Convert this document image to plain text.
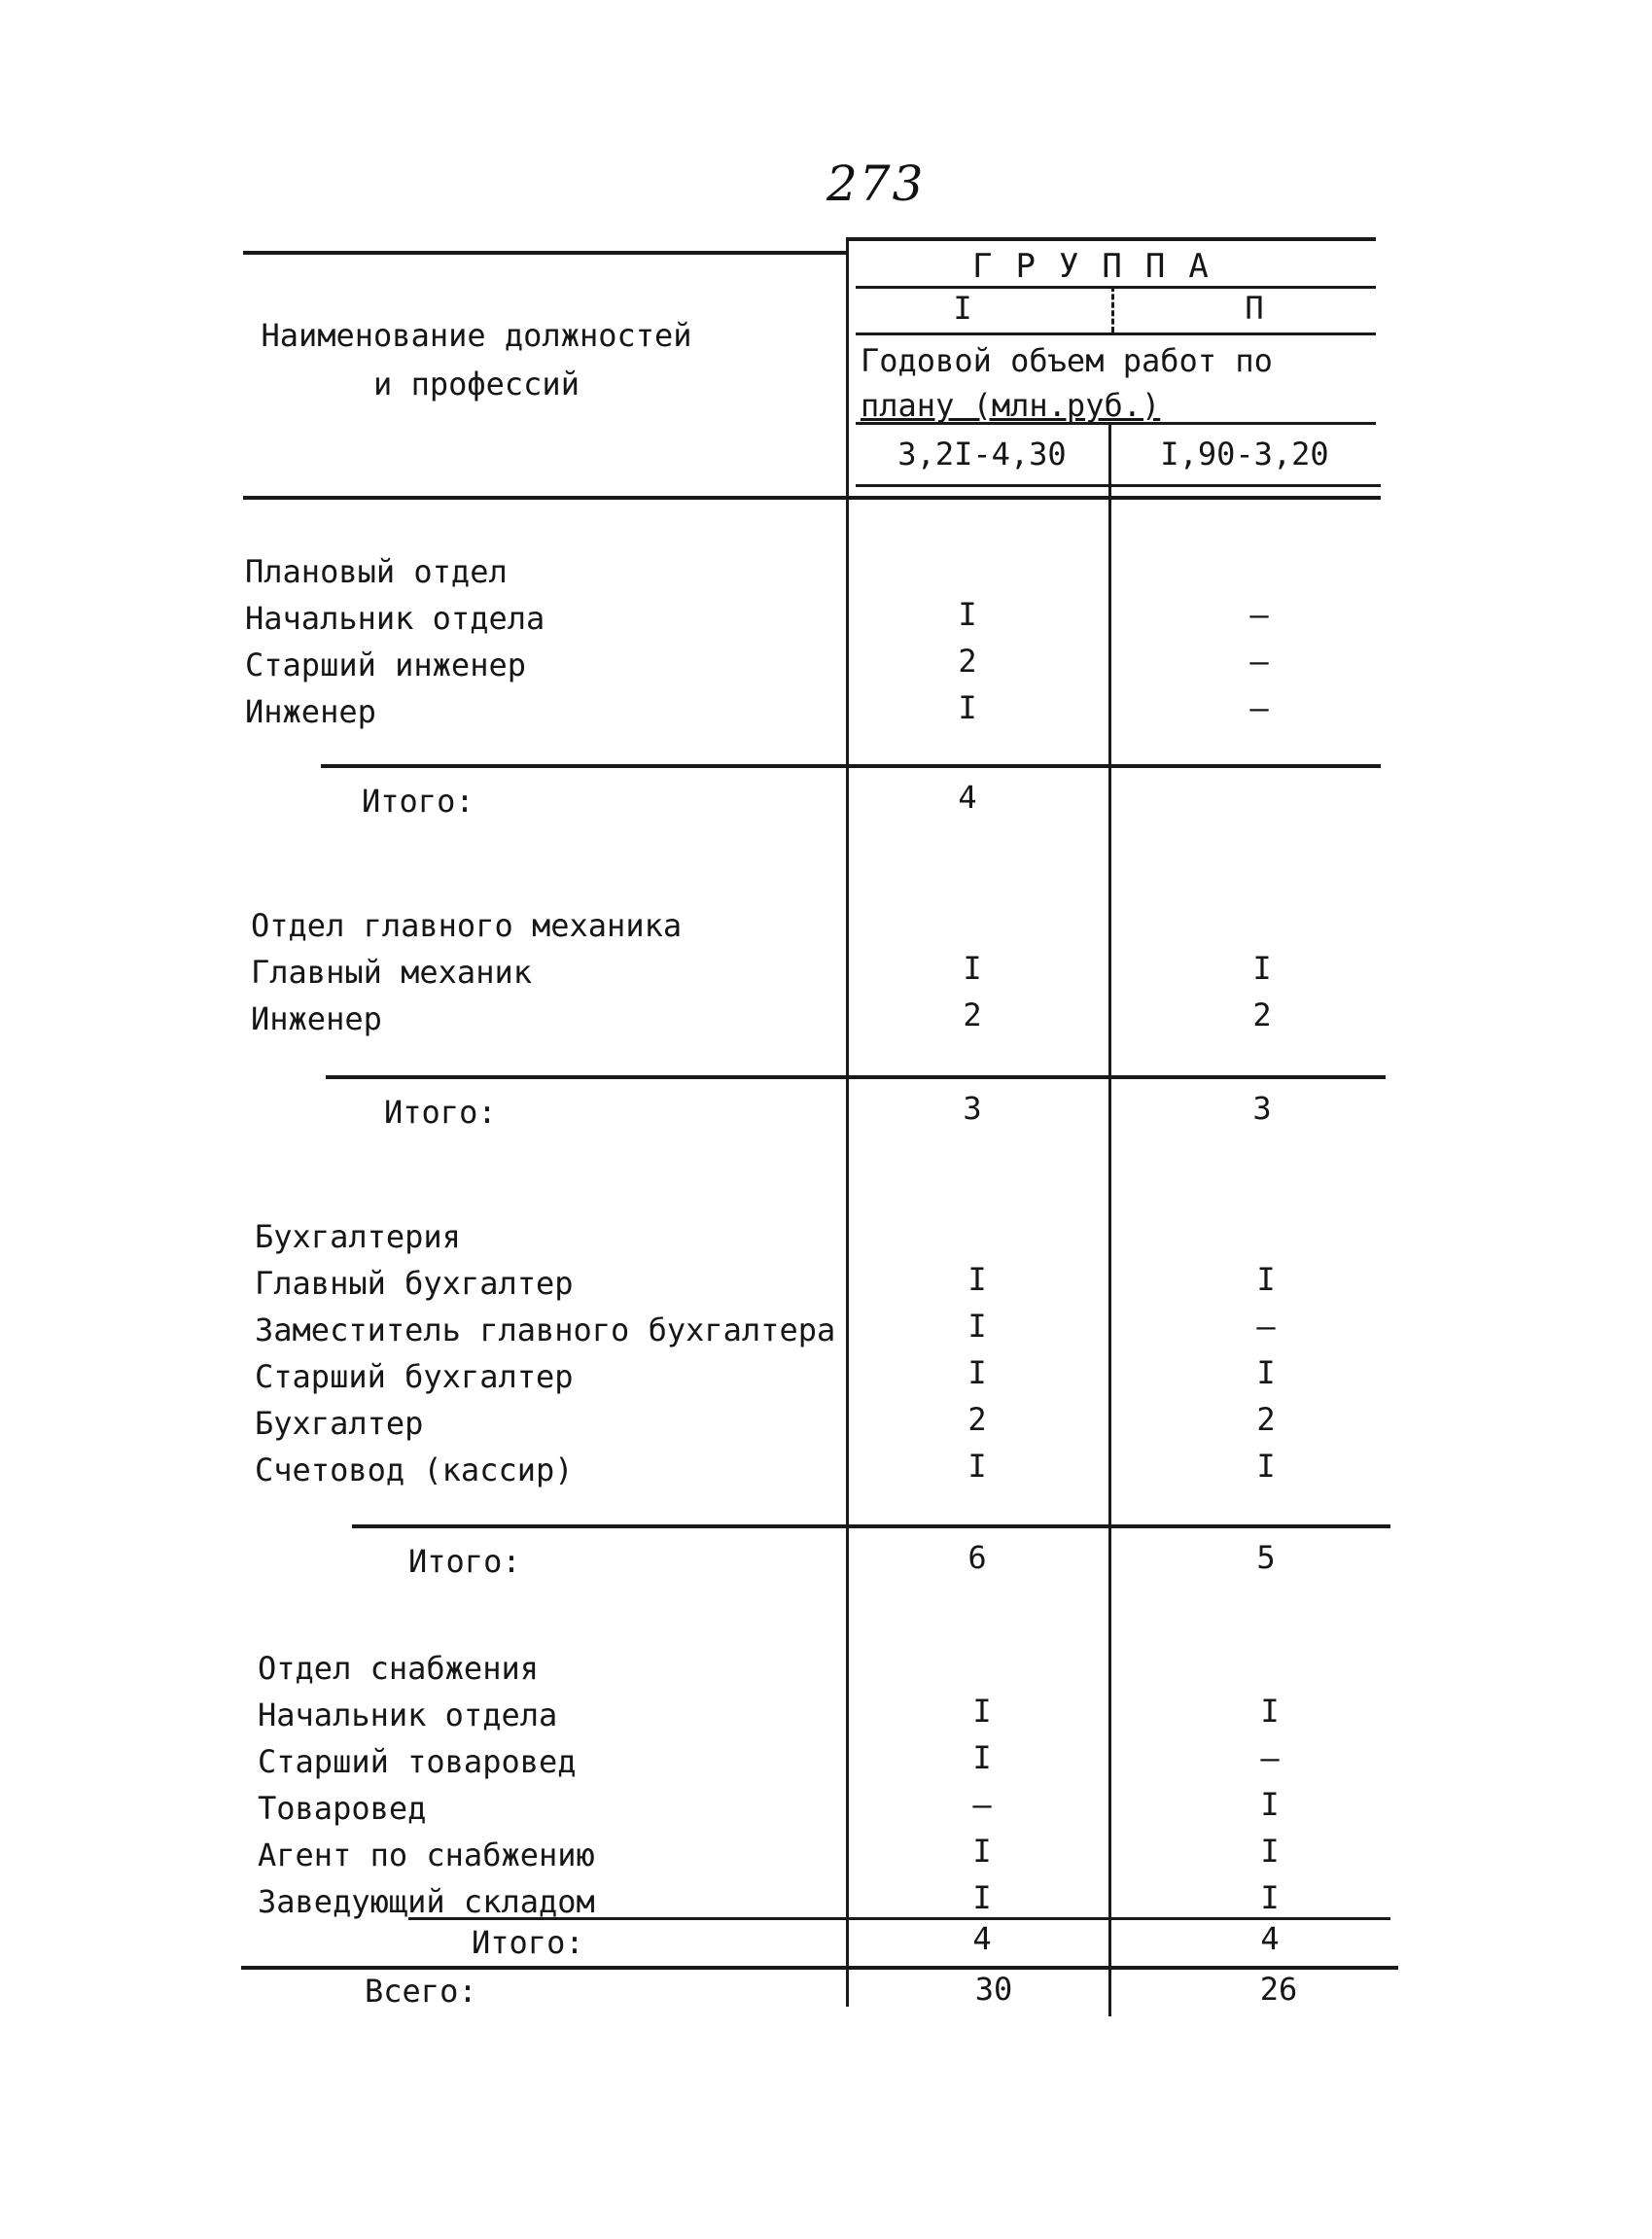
273
Наименование должностей и профессий
ГРУППА
I	П
Годовой объем работ по
плану (млн.руб.)
3,2I-4,30	I,90-3,20
Плановый отдел
Начальник отдела	I	–
Старший инженер	2	–
Инженер	I	–
Итого:	4
Отдел главного механика
Главный механик	I	I
Инженер	2	2
Итого:	3	3
Бухгалтерия
Главный бухгалтер	I	I
Заместитель главного бухгалтера	I	–
Старший бухгалтер	I	I
Бухгалтер	2	2
Счетовод (кассир)	I	I
Итого:	6	5
Отдел снабжения
Начальник отдела	I	I
Старший товаровед	I	–
Товаровед	–	I
Агент по снабжению	I	I
Заведующий складом	I	I
Итого:	4	4
Всего:	30	26
